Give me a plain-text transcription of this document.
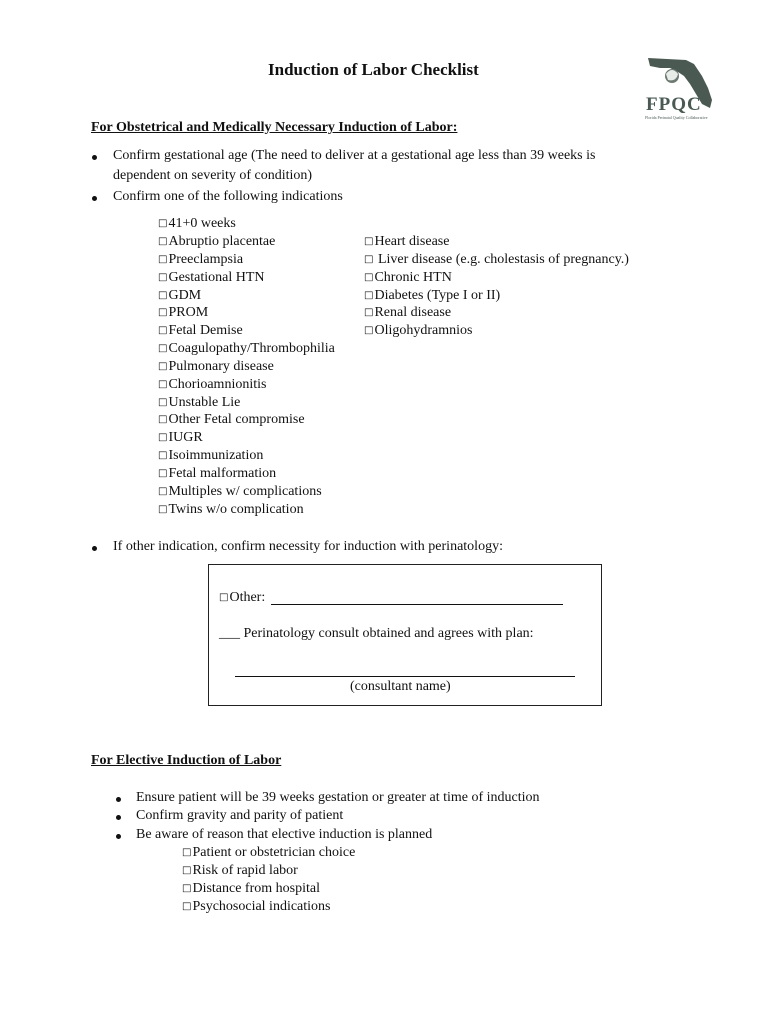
Induction of Labor Checklist
FPQC
Florida Perinatal Quality Collaborative
For Obstetrical and Medically Necessary Induction of Labor:
Confirm gestational age (The need to deliver at a gestational age less than 39 weeks is
dependent on severity of condition)
Confirm one of the following indications
□ 41+0 weeks
□ Abruptio placentae
□ Preeclampsia
□ Gestational HTN
□ GDM
□ PROM
□ Fetal Demise
□ Coagulopathy/Thrombophilia
□ Pulmonary disease
□ Chorioamnionitis
□ Unstable Lie
□ Other Fetal compromise
□ IUGR
□ Isoimmunization
□ Fetal malformation
□ Multiples w/ complications
□ Twins w/o complication
□ Heart disease
□ Liver disease (e.g. cholestasis of pregnancy.)
□ Chronic HTN
□ Diabetes (Type I or II)
□ Renal disease
□ Oligohydramnios
If other indication, confirm necessity for induction with perinatology:
□ Other:
___ Perinatology consult obtained and agrees with plan:
(consultant name)
For Elective Induction of Labor
Ensure patient will be 39 weeks gestation or greater at time of induction
Confirm gravity and parity of patient
Be aware of reason that elective induction is planned
□ Patient or obstetrician choice
□ Risk of rapid labor
□ Distance from hospital
□ Psychosocial indications
